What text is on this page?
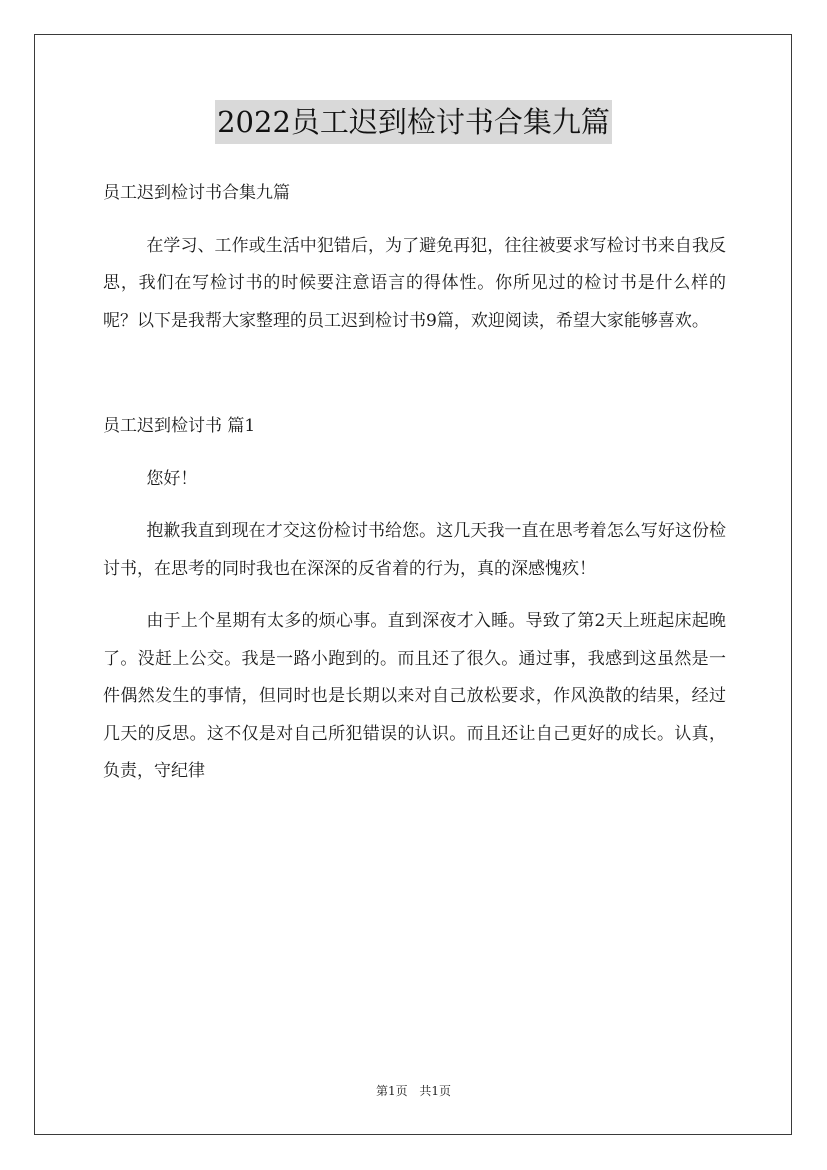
2022员工迟到检讨书合集九篇

员工迟到检讨书合集九篇

在学习、工作或生活中犯错后，为了避免再犯，往往被要求写检讨书来自我反思，我们在写检讨书的时候要注意语言的得体性。你所见过的检讨书是什么样的呢？以下是我帮大家整理的员工迟到检讨书9篇，欢迎阅读，希望大家能够喜欢。

员工迟到检讨书 篇1

您好！

抱歉我直到现在才交这份检讨书给您。这几天我一直在思考着怎么写好这份检讨书，在思考的同时我也在深深的反省着的行为，真的深感愧疚！

由于上个星期有太多的烦心事。直到深夜才入睡。导致了第2天上班起床起晚了。没赶上公交。我是一路小跑到的。而且还了很久。通过事，我感到这虽然是一件偶然发生的事情，但同时也是长期以来对自己放松要求，作风涣散的结果，经过几天的反思。这不仅是对自己所犯错误的认识。而且还让自己更好的成长。认真，负责，守纪律

第1页 共1页
